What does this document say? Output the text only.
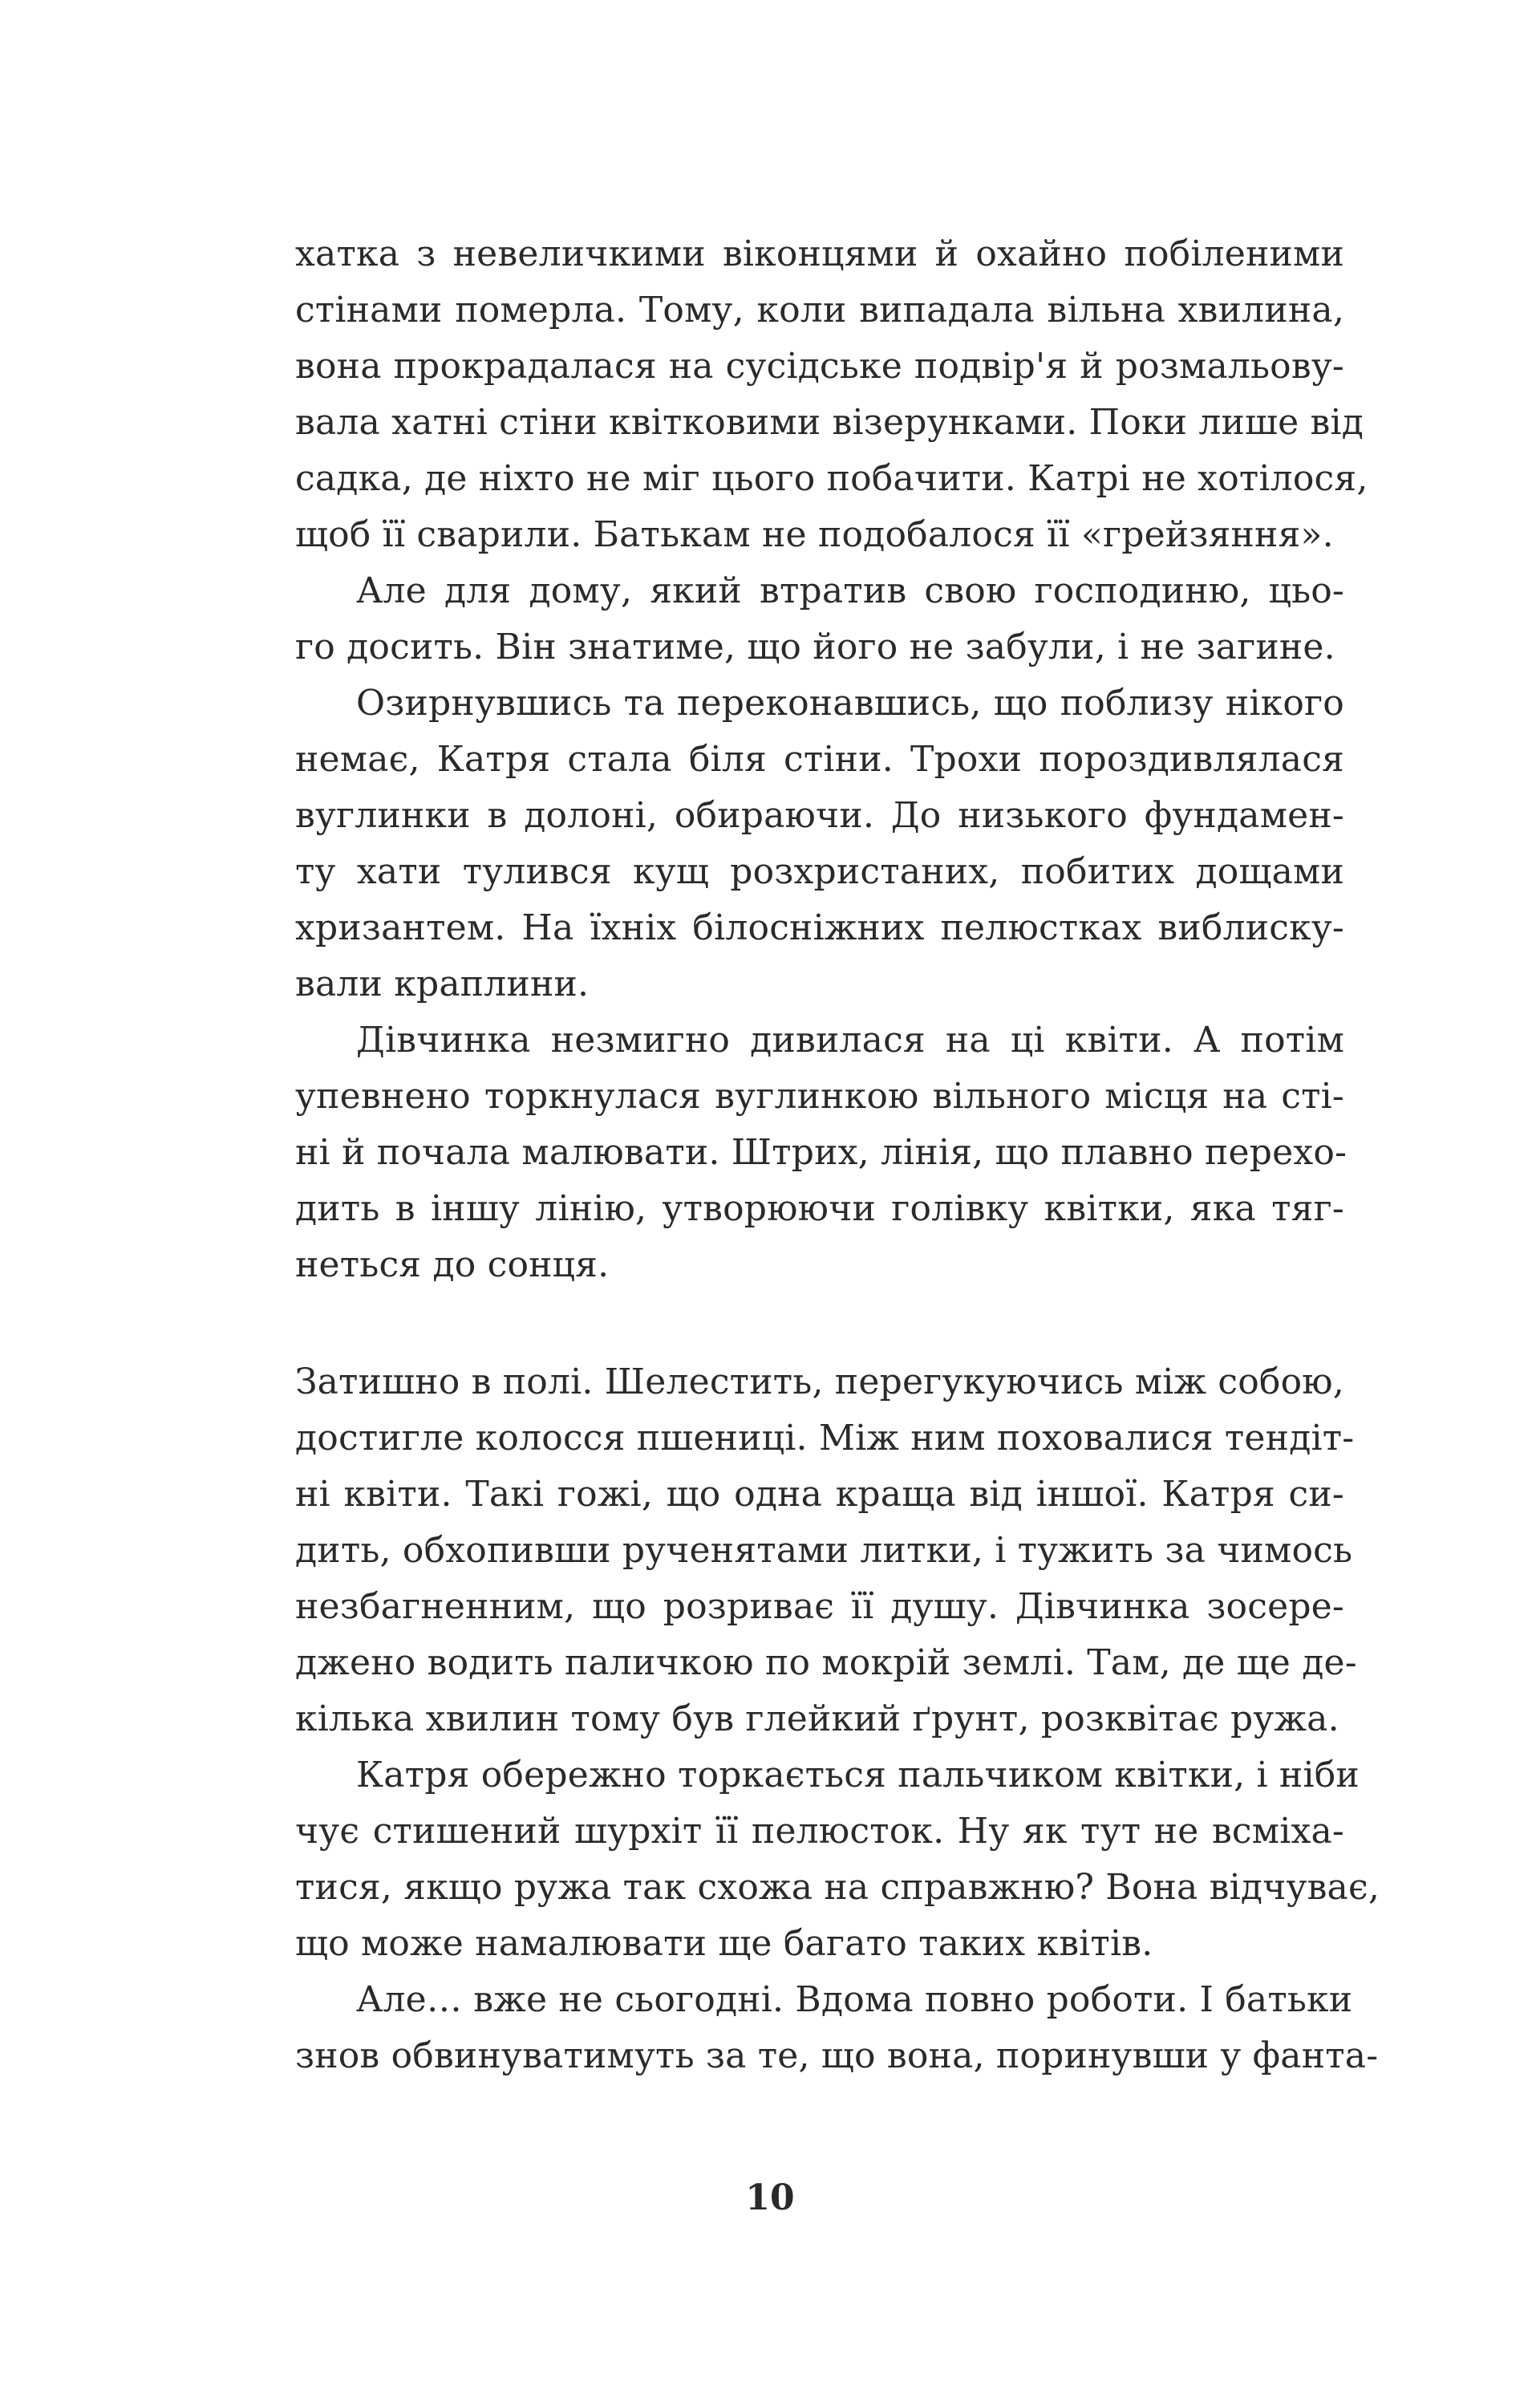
хатка з невеличкими віконцями й охайно побіленими
стінами померла. Тому, коли випадала вільна хвилина,
вона прокрадалася на сусідське подвір'я й розмальову-
вала хатні стіни квітковими візерунками. Поки лише від
садка, де ніхто не міг цього побачити. Катрі не хотілося,
щоб її сварили. Батькам не подобалося її «грейзяння».
Але для дому, який втратив свою господиню, цьо-
го досить. Він знатиме, що його не забули, і не загине.
Озирнувшись та переконавшись, що поблизу нікого
немає, Катря стала біля стіни. Трохи пороздивлялася
вуглинки в долоні, обираючи. До низького фундамен-
ту хати тулився кущ розхристаних, побитих дощами
хризантем. На їхніх білосніжних пелюстках виблиску-
вали краплини.
Дівчинка незмигно дивилася на ці квіти. А потім
упевнено торкнулася вуглинкою вільного місця на сті-
ні й почала малювати. Штрих, лінія, що плавно перехо-
дить в іншу лінію, утворюючи голівку квітки, яка тяг-
неться до сонця.
Затишно в полі. Шелестить, перегукуючись між собою,
достигле колосся пшениці. Між ним поховалися тендіт-
ні квіти. Такі гожі, що одна краща від іншої. Катря си-
дить, обхопивши рученятами литки, і тужить за чимось
незбагненним, що розриває її душу. Дівчинка зосере-
джено водить паличкою по мокрій землі. Там, де ще де-
кілька хвилин тому був глейкий ґрунт, розквітає ружа.
Катря обережно торкається пальчиком квітки, і ніби
чує стишений шурхіт її пелюсток. Ну як тут не всміха-
тися, якщо ружа так схожа на справжню? Вона відчуває,
що може намалювати ще багато таких квітів.
Але… вже не сьогодні. Вдома повно роботи. І батьки
знов обвинуватимуть за те, що вона, поринувши у фанта-
10
